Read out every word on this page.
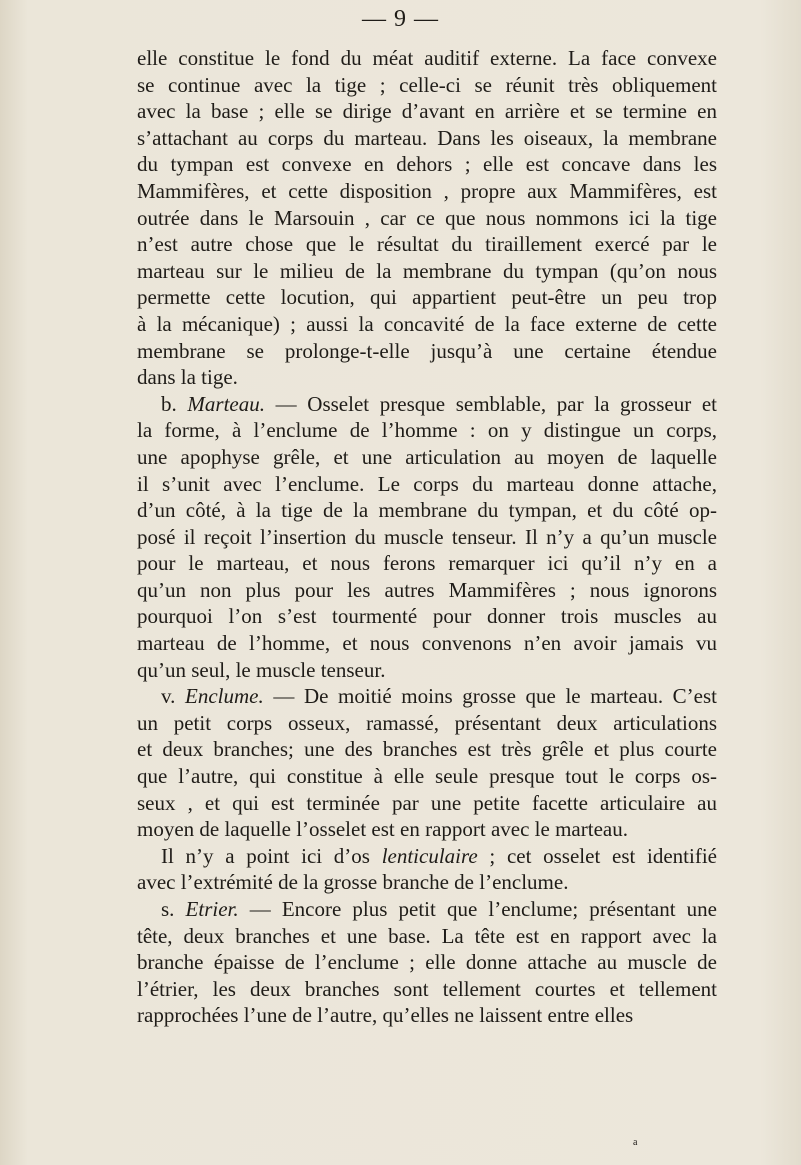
— 9 —
elle constitue le fond du méat auditif externe. La face convexe
se continue avec la tige ; celle-ci se réunit très obliquement
avec la base ; elle se dirige d’avant en arrière et se termine en
s’attachant au corps du marteau. Dans les oiseaux, la membrane
du tympan est convexe en dehors ; elle est concave dans les
Mammifères, et cette disposition , propre aux Mammifères, est
outrée dans le Marsouin , car ce que nous nommons ici la tige
n’est autre chose que le résultat du tiraillement exercé par le
marteau sur le milieu de la membrane du tympan (qu’on nous
permette cette locution, qui appartient peut-être un peu trop
à la mécanique) ; aussi la concavité de la face externe de cette
membrane se prolonge-t-elle jusqu’à une certaine étendue
dans la tige.
b. Marteau. — Osselet presque semblable, par la grosseur et
la forme, à l’enclume de l’homme : on y distingue un corps,
une apophyse grêle, et une articulation au moyen de laquelle
il s’unit avec l’enclume. Le corps du marteau donne attache,
d’un côté, à la tige de la membrane du tympan, et du côté op-
posé il reçoit l’insertion du muscle tenseur. Il n’y a qu’un muscle
pour le marteau, et nous ferons remarquer ici qu’il n’y en a
qu’un non plus pour les autres Mammifères ; nous ignorons
pourquoi l’on s’est tourmenté pour donner trois muscles au
marteau de l’homme, et nous convenons n’en avoir jamais vu
qu’un seul, le muscle tenseur.
v. Enclume. — De moitié moins grosse que le marteau. C’est
un petit corps osseux, ramassé, présentant deux articulations
et deux branches; une des branches est très grêle et plus courte
que l’autre, qui constitue à elle seule presque tout le corps os-
seux , et qui est terminée par une petite facette articulaire au
moyen de laquelle l’osselet est en rapport avec le marteau.
Il n’y a point ici d’os lenticulaire ; cet osselet est identifié
avec l’extrémité de la grosse branche de l’enclume.
s. Etrier. — Encore plus petit que l’enclume; présentant une
tête, deux branches et une base. La tête est en rapport avec la
branche épaisse de l’enclume ; elle donne attache au muscle de
l’étrier, les deux branches sont tellement courtes et tellement
rapprochées l’une de l’autre, qu’elles ne laissent entre elles
a
